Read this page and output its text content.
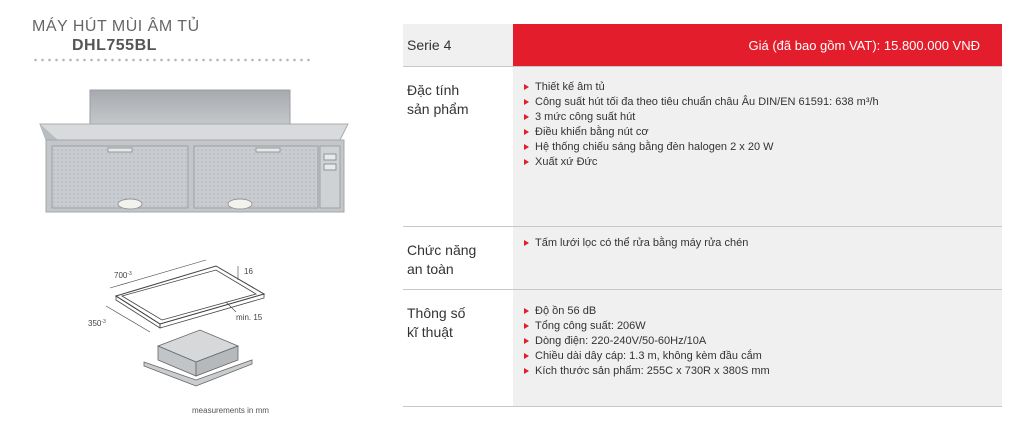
MÁY HÚT MÙI ÂM TỦ
DHL755BL
$700^{-3}$
$350^{-3}$
16
min. 15
measurements in mm
Serie 4	Giá (đã bao gồm VAT): 15.800.000 VNĐ
Đặc tính
sản phẩm
Thiết kế âm tủ
Công suất hút tối đa theo tiêu chuẩn châu Âu DIN/EN 61591: 638 m³/h
3 mức công suất hút
Điều khiển bằng nút cơ
Hệ thống chiếu sáng bằng đèn halogen 2 x 20 W
Xuất xứ Đức
Chức năng
an toàn
Tấm lưới lọc có thể rửa bằng máy rửa chén
Thông số
kĩ thuật
Độ ồn 56 dB
Tổng công suất: 206W
Dòng điện: 220-240V/50-60Hz/10A
Chiều dài dây cáp: 1.3 m, không kèm đầu cắm
Kích thước sản phẩm: 255C x 730R x 380S mm
